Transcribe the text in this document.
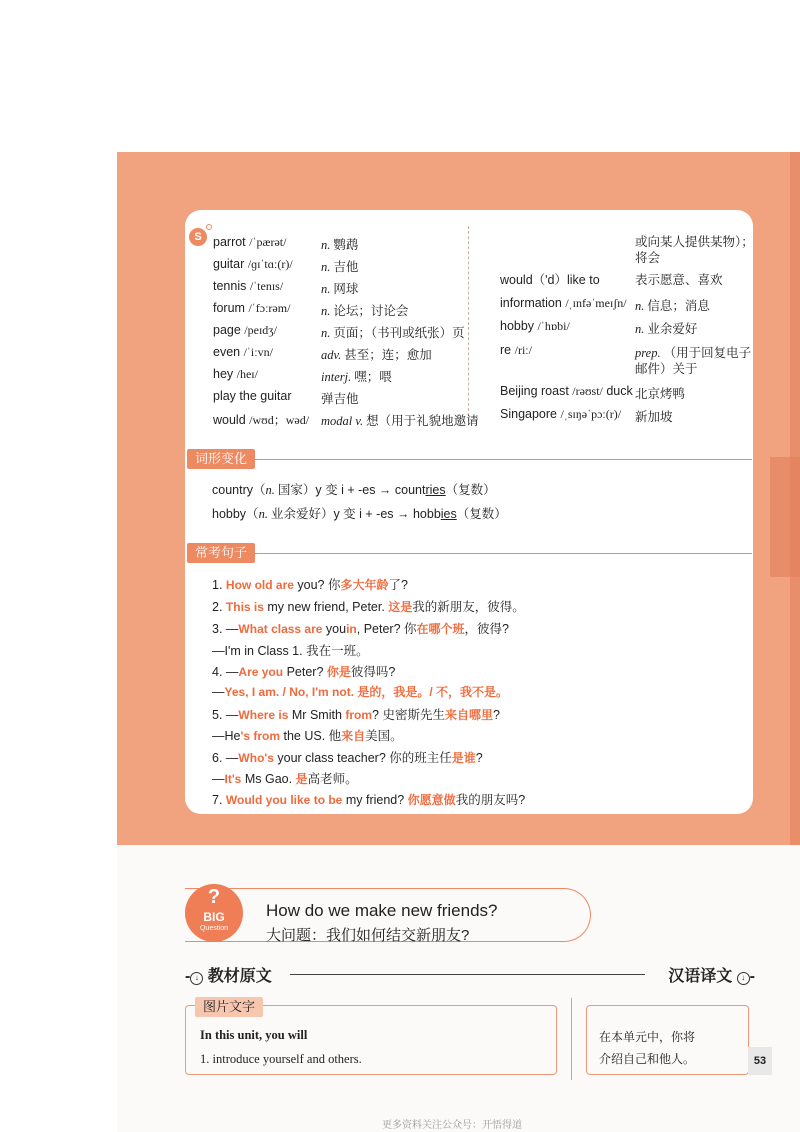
S parrot /ˈpærət/	n. 鹦鹉
guitar /ɡɪˈtɑː(r)/ n. 吉他
tennis /ˈtenɪs/	n. 网球
forum /ˈfɔːrəm/ n. 论坛；讨论会
page /peɪdʒ/	n. 页面；（书刊或纸张）页
even /ˈiːvn/	adv. 甚至；连；愈加
hey /heɪ/	interj. 嘿；喂
play the guitar 弹吉他
would /wʊd；wəd/ modal v. 想（用于礼貌地邀请
或向某人提供某物）；
将会
would（'d）like to	表示愿意、喜欢
information /ˌɪnfəˈmeɪʃn/ n. 信息；消息
hobby /ˈhɒbi/	n. 业余爱好
re /riː/	prep. （用于回复电子
邮件）关于
Beijing roast /rəʊst/ duck 北京烤鸭
Singapore /ˌsɪŋəˈpɔː(r)/ 新加坡
词形变化
country（n. 国家）y 变 i + -es → countries（复数）
hobby（n. 业余爱好）y 变 i + -es → hobbies（复数）
常考句子
1. How old are you? 你多大年龄了?
2. This is my new friend, Peter. 这是我的新朋友，彼得。
3. —What class are youin, Peter? 你在哪个班，彼得?
—I'm in Class 1. 我在一班。
4. —Are you Peter? 你是彼得吗?
—Yes, I am. / No, I'm not. 是的，我是。/ 不，我不是。
5. —Where is Mr Smith from? 史密斯先生来自哪里?
—He's from the US. 他来自美国。
6. —Who's your class teacher? 你的班主任是谁?
—It's Ms Gao. 是高老师。
7. Would you like to be my friend? 你愿意做我的朋友吗?
?
BIG
Question
How do we make new friends?
大问题：我们如何结交新朋友?
- ↓ 教材原文	汉语译文 ↓ -
In this unit, you will
1. introduce yourself and others.
图片文字
在本单元中，你将
介绍自己和他人。	53
更多资料关注公众号：开悟得道
